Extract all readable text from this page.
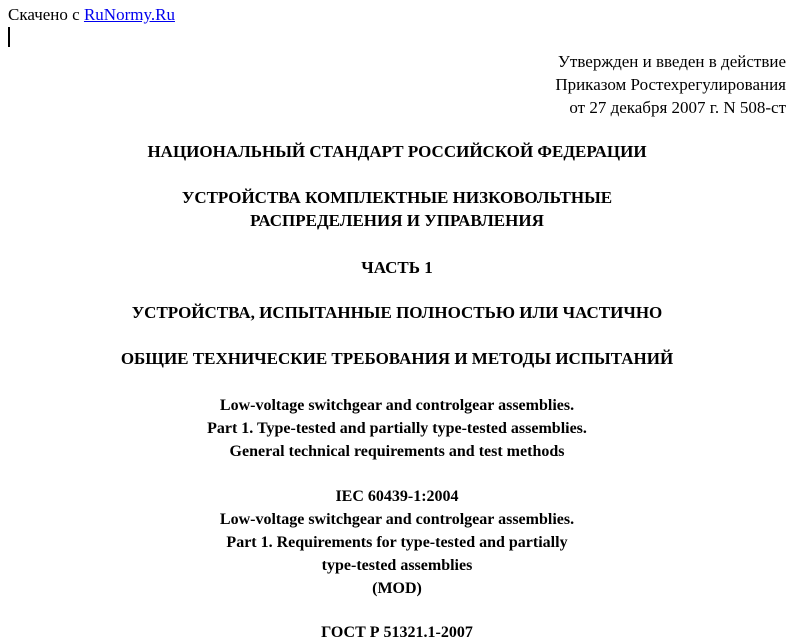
Скачено с RuNormy.Ru
Утвержден и введен в действие
Приказом Ростехрегулирования
от 27 декабря 2007 г. N 508-ст
НАЦИОНАЛЬНЫЙ СТАНДАРТ РОССИЙСКОЙ ФЕДЕРАЦИИ
УСТРОЙСТВА КОМПЛЕКТНЫЕ НИЗКОВОЛЬТНЫЕ
РАСПРЕДЕЛЕНИЯ И УПРАВЛЕНИЯ
ЧАСТЬ 1
УСТРОЙСТВА, ИСПЫТАННЫЕ ПОЛНОСТЬЮ ИЛИ ЧАСТИЧНО
ОБЩИЕ ТЕХНИЧЕСКИЕ ТРЕБОВАНИЯ И МЕТОДЫ ИСПЫТАНИЙ
Low-voltage switchgear and controlgear assemblies.
Part 1. Type-tested and partially type-tested assemblies.
General technical requirements and test methods
IEC 60439-1:2004
Low-voltage switchgear and controlgear assemblies.
Part 1. Requirements for type-tested and partially
type-tested assemblies
(MOD)
ГОСТ Р 51321.1-2007
